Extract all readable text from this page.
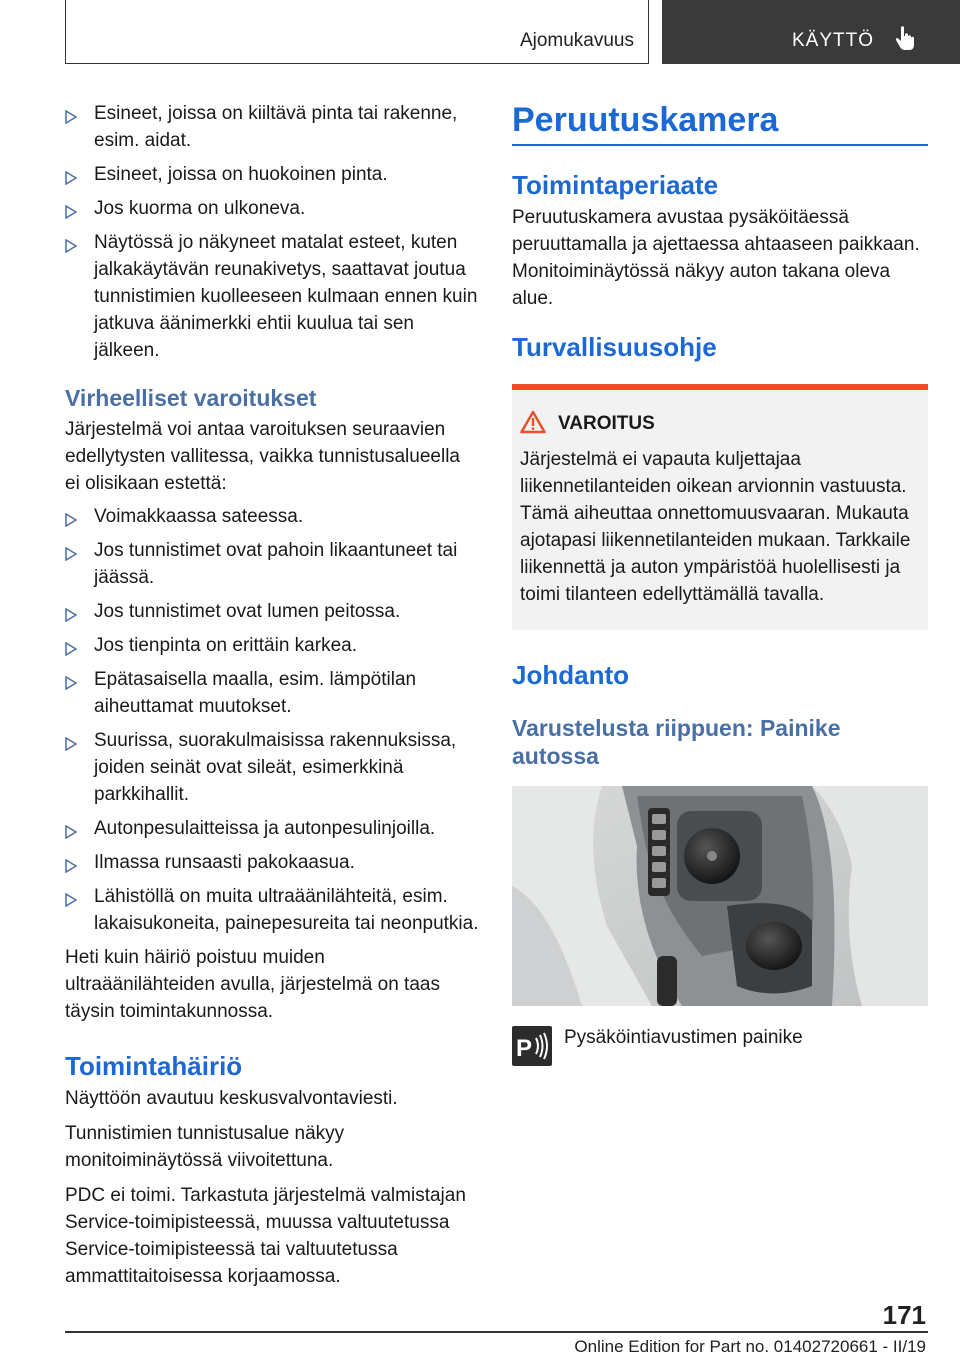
Ajomukavuus	KÄYTTÖ
Esineet, joissa on kiiltävä pinta tai rakenne, esim. aidat.
Esineet, joissa on huokoinen pinta.
Jos kuorma on ulkoneva.
Näytössä jo näkyneet matalat esteet, kuten jalkakäytävän reunakivetys, saattavat joutua tunnistimien kuolleeseen kulmaan ennen kuin jatkuva äänimerkki ehtii kuulua tai sen jälkeen.
Virheelliset varoitukset

Järjestelmä voi antaa varoituksen seuraavien edellytysten vallitessa, vaikka tunnistusalueella ei olisikaan estettä:

Voimakkaassa sateessa.
Jos tunnistimet ovat pahoin likaantuneet tai jäässä.
Jos tunnistimet ovat lumen peitossa.
Jos tienpinta on erittäin karkea.
Epätasaisella maalla, esim. lämpötilan aiheuttamat muutokset.
Suurissa, suorakulmaisissa rakennuksissa, joiden seinät ovat sileät, esimerkkinä parkkihallit.
Autonpesulaitteissa ja autonpesulinjoilla.
Ilmassa runsaasti pakokaasua.
Lähistöllä on muita ultraäänilähteitä, esim. lakaisukoneita, painepesureita tai neonputkia.

Heti kuin häiriö poistuu muiden ultraäänilähteiden avulla, järjestelmä on taas täysin toimintakunnossa.

Toimintahäiriö

Näyttöön avautuu keskusvalvontaviesti.

Tunnistimien tunnistusalue näkyy monitoiminäytössä viivoitettuna.

PDC ei toimi. Tarkastuta järjestelmä valmistajan Service-toimipisteessä, muussa valtuutetussa Service-toimipisteessä tai valtuutetussa ammattitaitoisessa korjaamossa.

Peruutuskamera
Toimintaperiaate

Peruutuskamera avustaa pysäköitäessä peruuttamalla ja ajettaessa ahtaaseen paikkaan. Monitoiminäytössä näkyy auton takana oleva alue.

Turvallisuusohje
VAROITUS

Järjestelmä ei vapauta kuljettajaa liikennetilanteiden oikean arvionnin vastuusta. Tämä aiheuttaa onnettomuusvaaran. Mukauta ajotapasi liikennetilanteiden mukaan. Tarkkaile liikennettä ja auton ympäristöä huolellisesti ja toimi tilanteen edellyttämällä tavalla.

Johdanto
Varustelusta riippuen: Painike autossa
P Pysäköintiavustimen painike

171
Online Edition for Part no. 01402720661 - II/19
